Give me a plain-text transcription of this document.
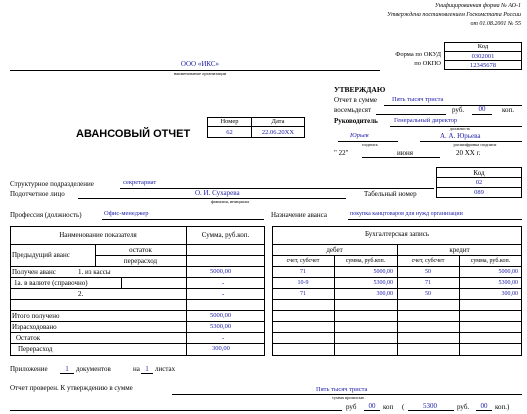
Унифицированная форма № АО-1
Утверждена постановлением Госкомстата России
от 01.08.2001 № 55
Код
Форма по ОКУД	0302001
по ОКПО	12345678
ООО «ИКС»
наименование организации
УТВЕРЖДАЮ
Отчет в сумме Пять тысяч триста
восемьдесят	руб.	00	коп.
Руководитель Генеральный директор
должность
Юрьев
подпись
А. А. Юрьева
расшифровка подписи
" 22"	июня	20 XX г.
АВАНСОВЫЙ ОТЧЕТ
Номер	Дата
62	22.06.20XX
Код
Структурное подразделение	секретариат	02
Подотчетное лицо	О. И. Сухарева
фамилия, инициалы
Табельный номер	089
Профессия (должность)	Офис-менеджер	Назначение аванса	покупка канцтоваров для нужд организации
Наименование показателя	Сумма, руб.коп.
Предыдущий аванс
остаток
перерасход
Получен аванс	1. из кассы	5000,00
1а. в валюте (справочно)	-
2.	-
Итого получено	5000,00
Израсходовано	5300,00
Остаток	-
Перерасход	300,00
Бухгалтерская запись
дебет	кредит
счет, субсчет	сумма, руб.коп.	счет, субсчет	сумма, руб.коп.
71	5000,00	50	5000,00
10-9	5300,00	71	5300,00
71	300,00	50	300,00
Приложение	1	документов	на 1 листах
Отчет проверен. К утверждению в сумме	Пять тысяч триста
сумма прописью
руб	00	коп (	5300	руб.	00	коп.)
